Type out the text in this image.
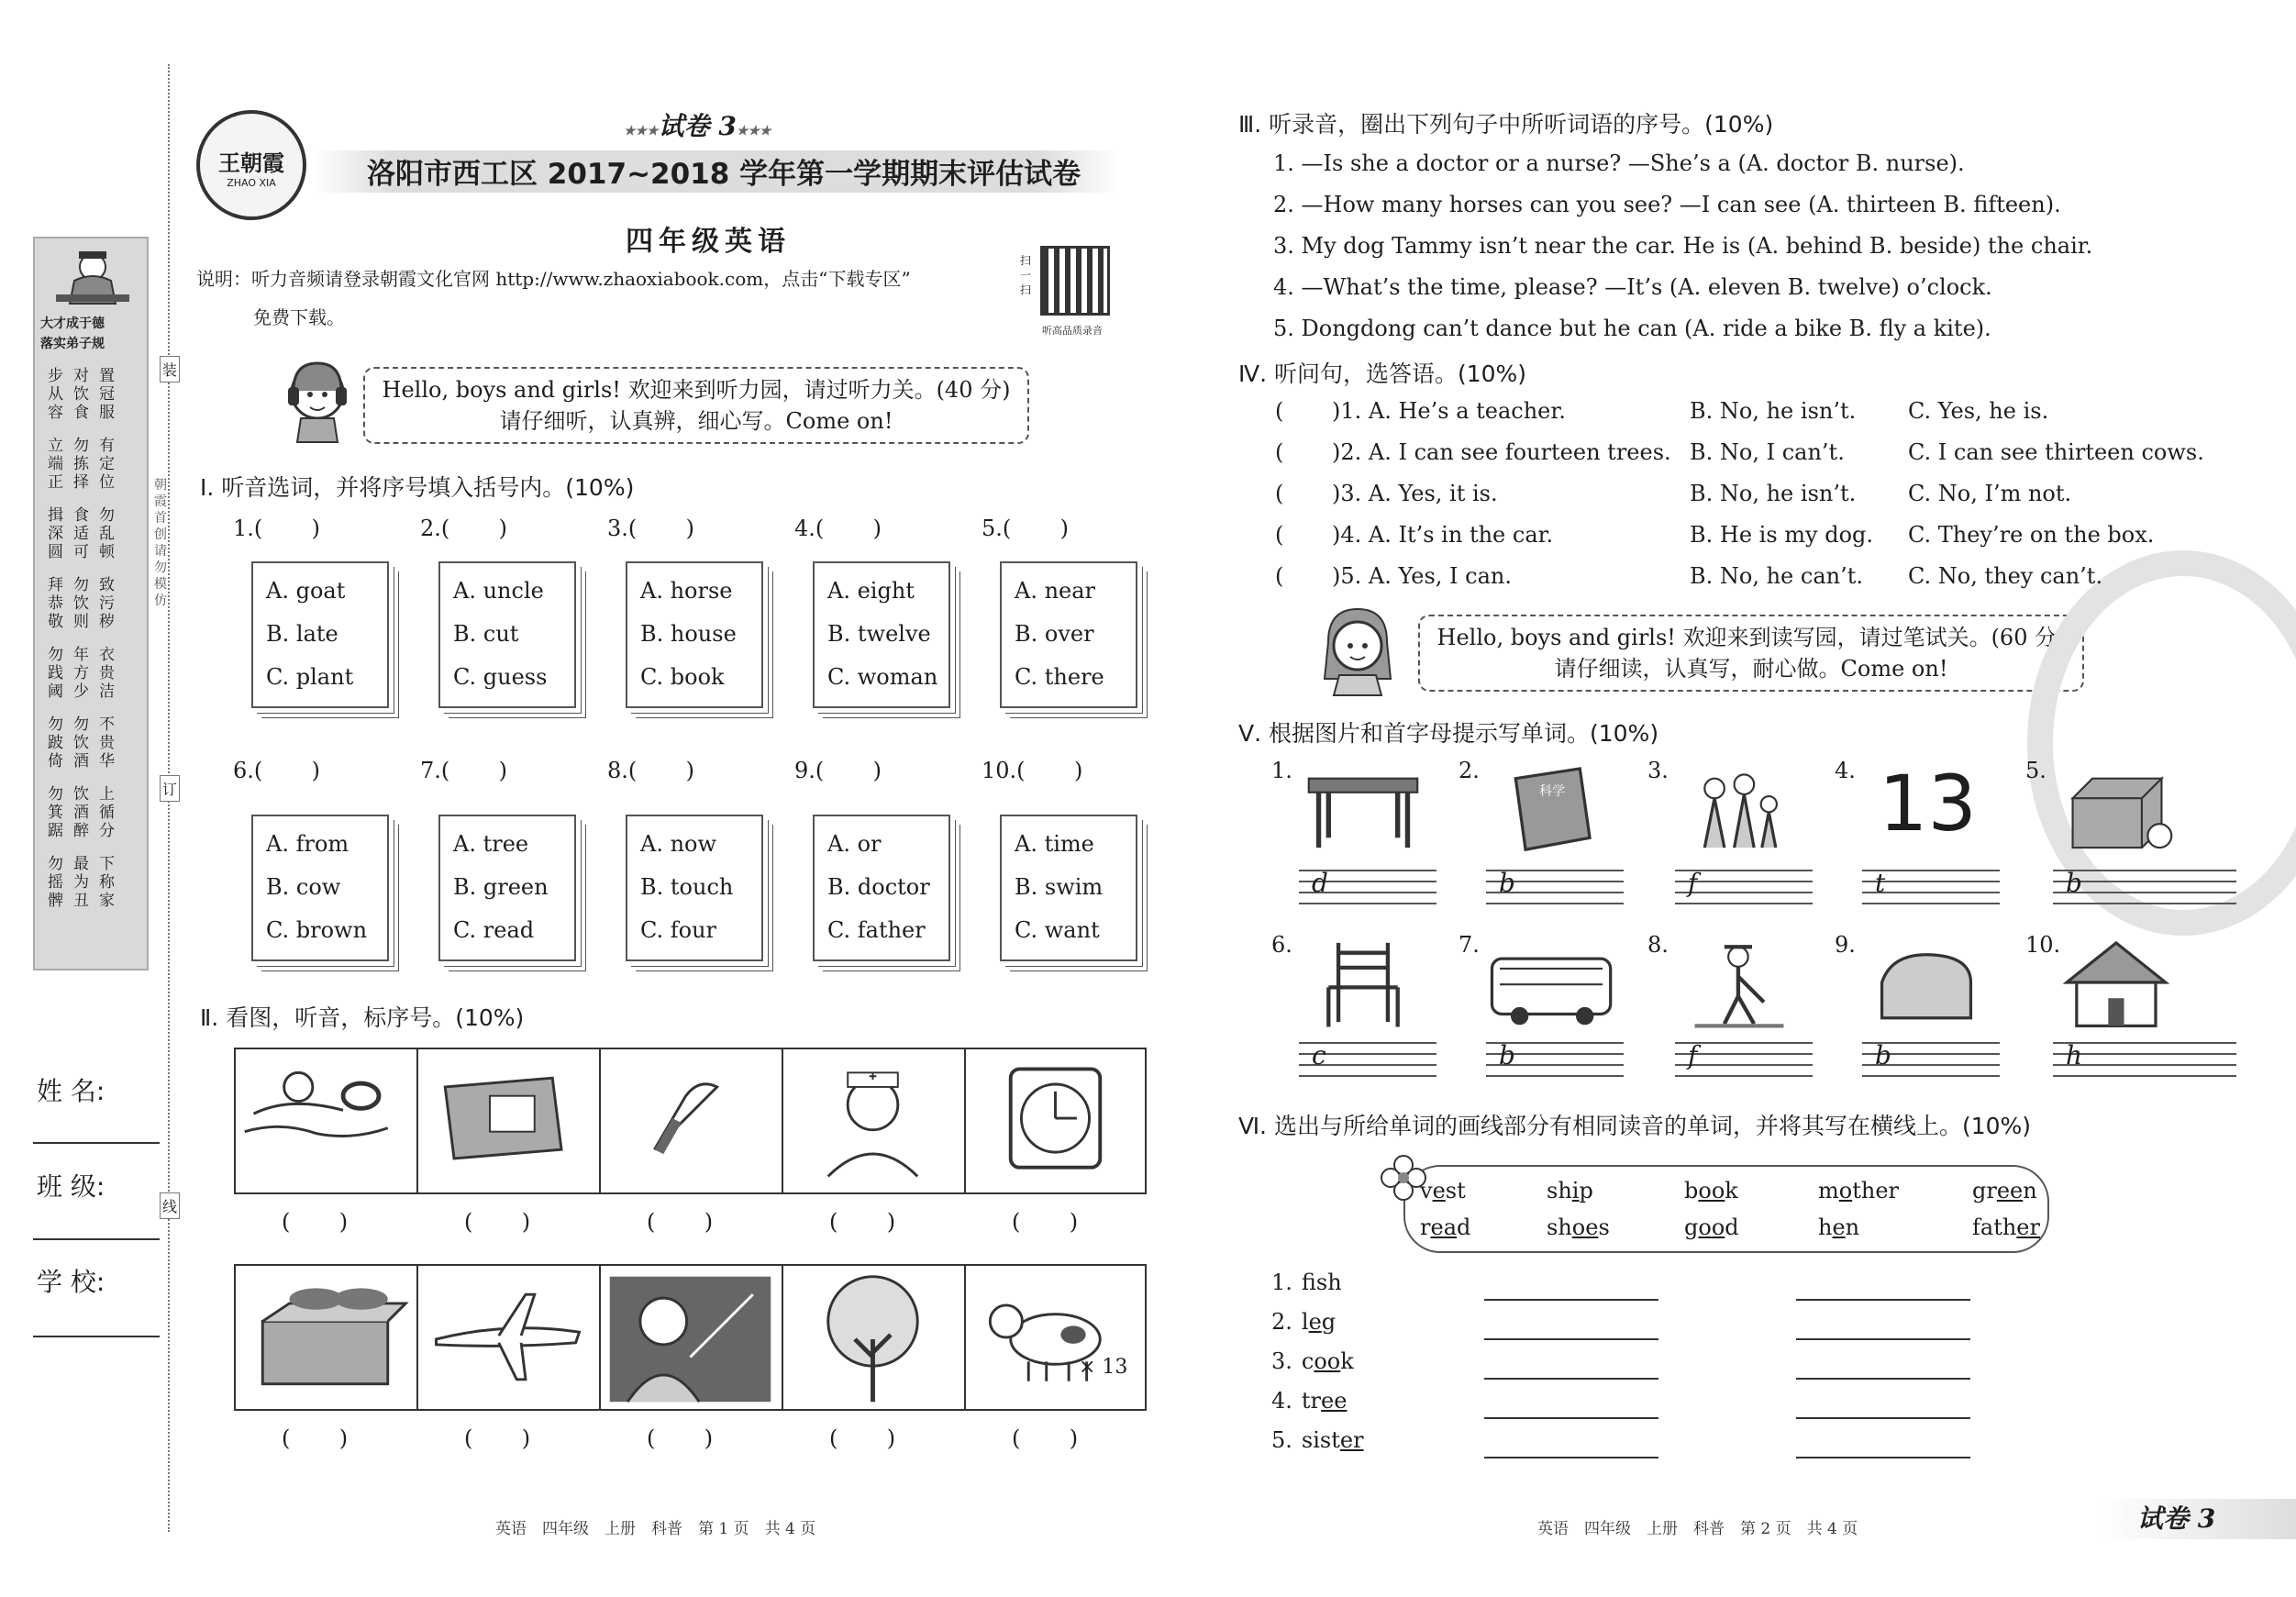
大才成于德
落实弟子规
步从容
对饮食
置冠服
立端正
勿拣择
有定位
揖深圆
食适可
勿乱顿
拜恭敬
勿饮则
致污秽
勿践阈
年方少
衣贵洁
勿跛倚
勿饮酒
不贵华
勿箕踞
饮酒醉
上循分
勿摇髀
最为丑
下称家
姓 名:
班 级:
学 校:
装
订
线
朝霞首创 请勿模仿
王朝霞
ZHAO XIA
★★★试卷 3★★★
洛阳市西工区 2017~2018 学年第一学期期末评估试卷
四年级英语
说明：听力音频请登录朝霞文化官网 http://www.zhaoxiabook.com，点击“下载专区”
免费下载。
扫一扫
听高品质录音
Hello, boys and girls! 欢迎来到听力园，请过听力关。(40 分)
请仔细听，认真辨，细心写。Come on!
Ⅰ. 听音选词，并将序号填入括号内。(10%)
Ⅱ. 看图，听音，标序号。(10%)
Ⅲ. 听录音，圈出下列句子中所听词语的序号。(10%)
Ⅳ. 听问句，选答语。(10%)
Hello, boys and girls! 欢迎来到读写园，请过笔试关。(60 分)
请仔细读，认真写，耐心做。Come on!
Ⅴ. 根据图片和首字母提示写单词。(10%)
Ⅵ. 选出与所给单词的画线部分有相同读音的单词，并将其写在横线上。(10%)
英语　四年级　上册　科普　第 1 页　共 4 页	英语　四年级　上册　科普　第 2 页　共 4 页	试卷 3
1.(       )
A. goat
B. late
C. plant
2.(       )
A. uncle
B. cut
C. guess
3.(       )
A. horse
B. house
C. book
4.(       )
A. eight
B. twelve
C. woman
5.(       )
A. near
B. over
C. there
6.(       )
A. from
B. cow
C. brown
7.(       )
A. tree
B. green
C. read
8.(       )
A. now
B. touch
C. four
9.(       )
A. or
B. doctor
C. father
10.(       )
A. time
B. swim
C. want
(       )
(       )
(       )
(       )
(       )
(       )
(       )
(       )
(       )
(       )
× 13
1. —Is she a doctor or a nurse? —She’s a (A. doctor B. nurse).
2. —How many horses can you see? —I can see (A. thirteen B. fifteen).
3. My dog Tammy isn’t near the car. He is (A. behind B. beside) the chair.
4. —What’s the time, please? —It’s (A. eleven B. twelve) o’clock.
5. Dongdong can’t dance but he can (A. ride a bike B. fly a kite).
( )1. A. He’s a teacher.	B. No, he isn’t. C. Yes, he is.
( )2. A. I can see fourteen trees. B. No, I can’t.	C. I can see thirteen cows.
( )3. A. Yes, it is.	B. No, he isn’t. C. No, I’m not.
( )4. A. It’s in the car.	B. He is my dog. C. They’re on the box.
( )5. A. Yes, I can.	B. No, he can’t. C. No, they can’t.
1.
d
2.
科学
b
3.
f
4. 13
t
5.
b
6.
c
7.
b
8.
f
9.
b
10.
h
vest	ship	book	mother	green
read	shoes	good	hen	father
1. fsh
2. leg
3. cook
4. tree
5. sister
